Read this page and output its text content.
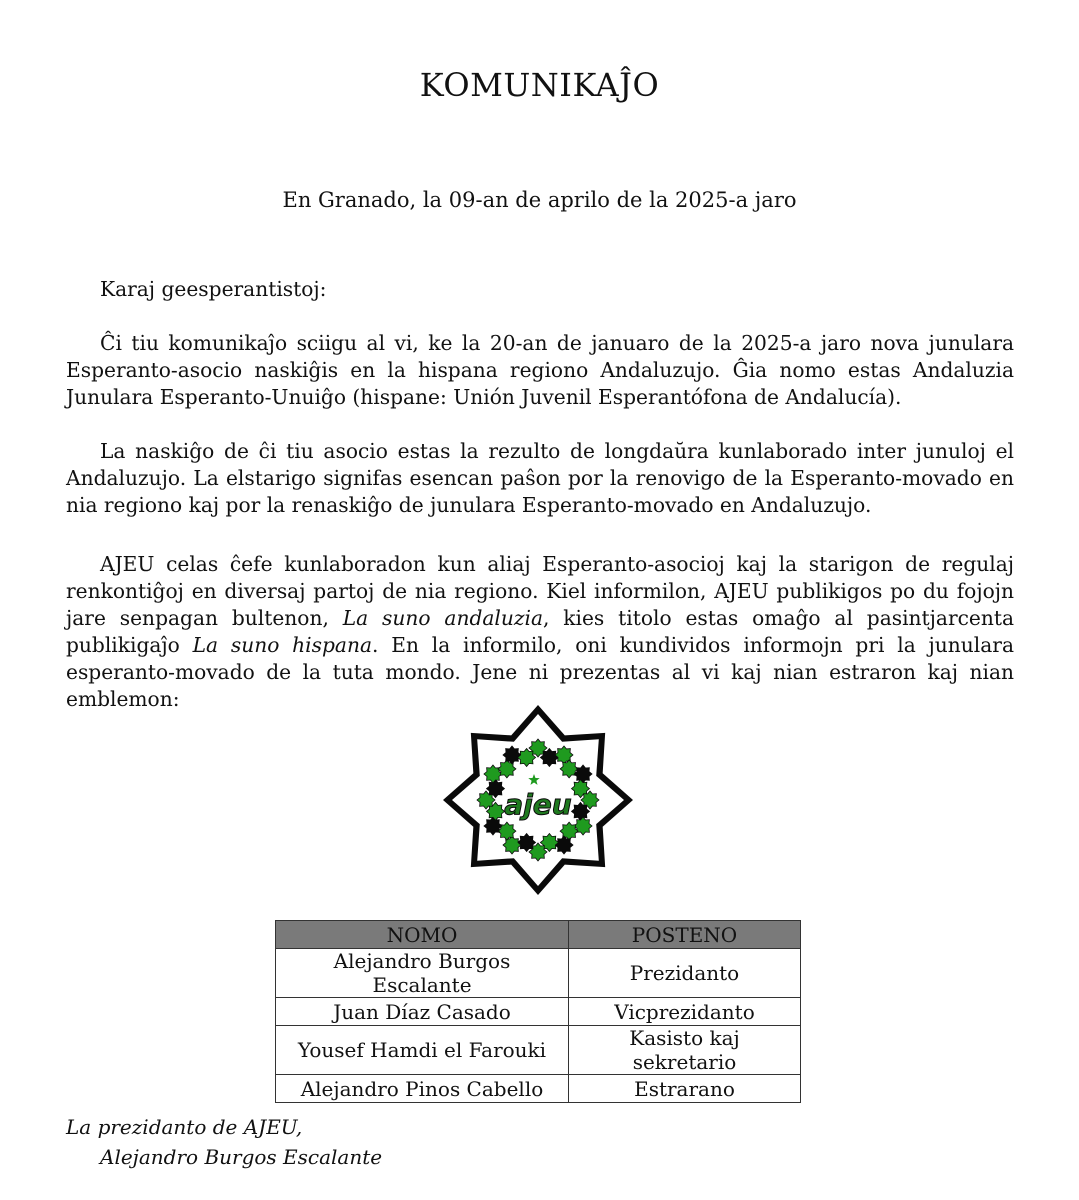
KOMUNIKAĴO
En Granado, la 09-an de aprilo de la 2025-a jaro

Karaj geesperantistoj:

Ĉi tiu komunikaĵo sciigu al vi, ke la 20-an de januaro de la 2025-a jaro nova junulara Esperanto-asocio naskiĝis en la hispana regiono Andaluzujo. Ĝia nomo estas Andaluzia Junulara Esperanto-Unuiĝo (hispane: Unión Juvenil Esperantófona de Andalucía).

La naskiĝo de ĉi tiu asocio estas la rezulto de longdaŭra kunlaborado inter junuloj el Andaluzujo. La elstarigo signifas esencan paŝon por la renovigo de la Esperanto-movado en nia regiono kaj por la renaskiĝo de junulara Esperanto-movado en Andaluzujo.

AJEU celas ĉefe kunlaboradon kun aliaj Esperanto-asocioj kaj la starigon de regulaj renkontiĝoj en diversaj partoj de nia regiono. Kiel informilon, AJEU publikigos po du fojojn jare senpagan bultenon, La suno andaluzia, kies titolo estas omaĝo al pasintjarcenta publikigaĵo La suno hispana. En la informilo, oni kundividos informojn pri la junulara esperanto-movado de la tuta mondo. Jene ni prezentas al vi kaj nian estraron kaj nian emblemon:

ajeu
NOMO	POSTENO
Alejandro Burgos Escalante	Prezidanto
Juan Díaz Casado	Vicprezidanto
Yousef Hamdi el Farouki	Kasisto kaj sekretario
Alejandro Pinos Cabello	Estrarano
La prezidanto de AJEU,
Alejandro Burgos Escalante
